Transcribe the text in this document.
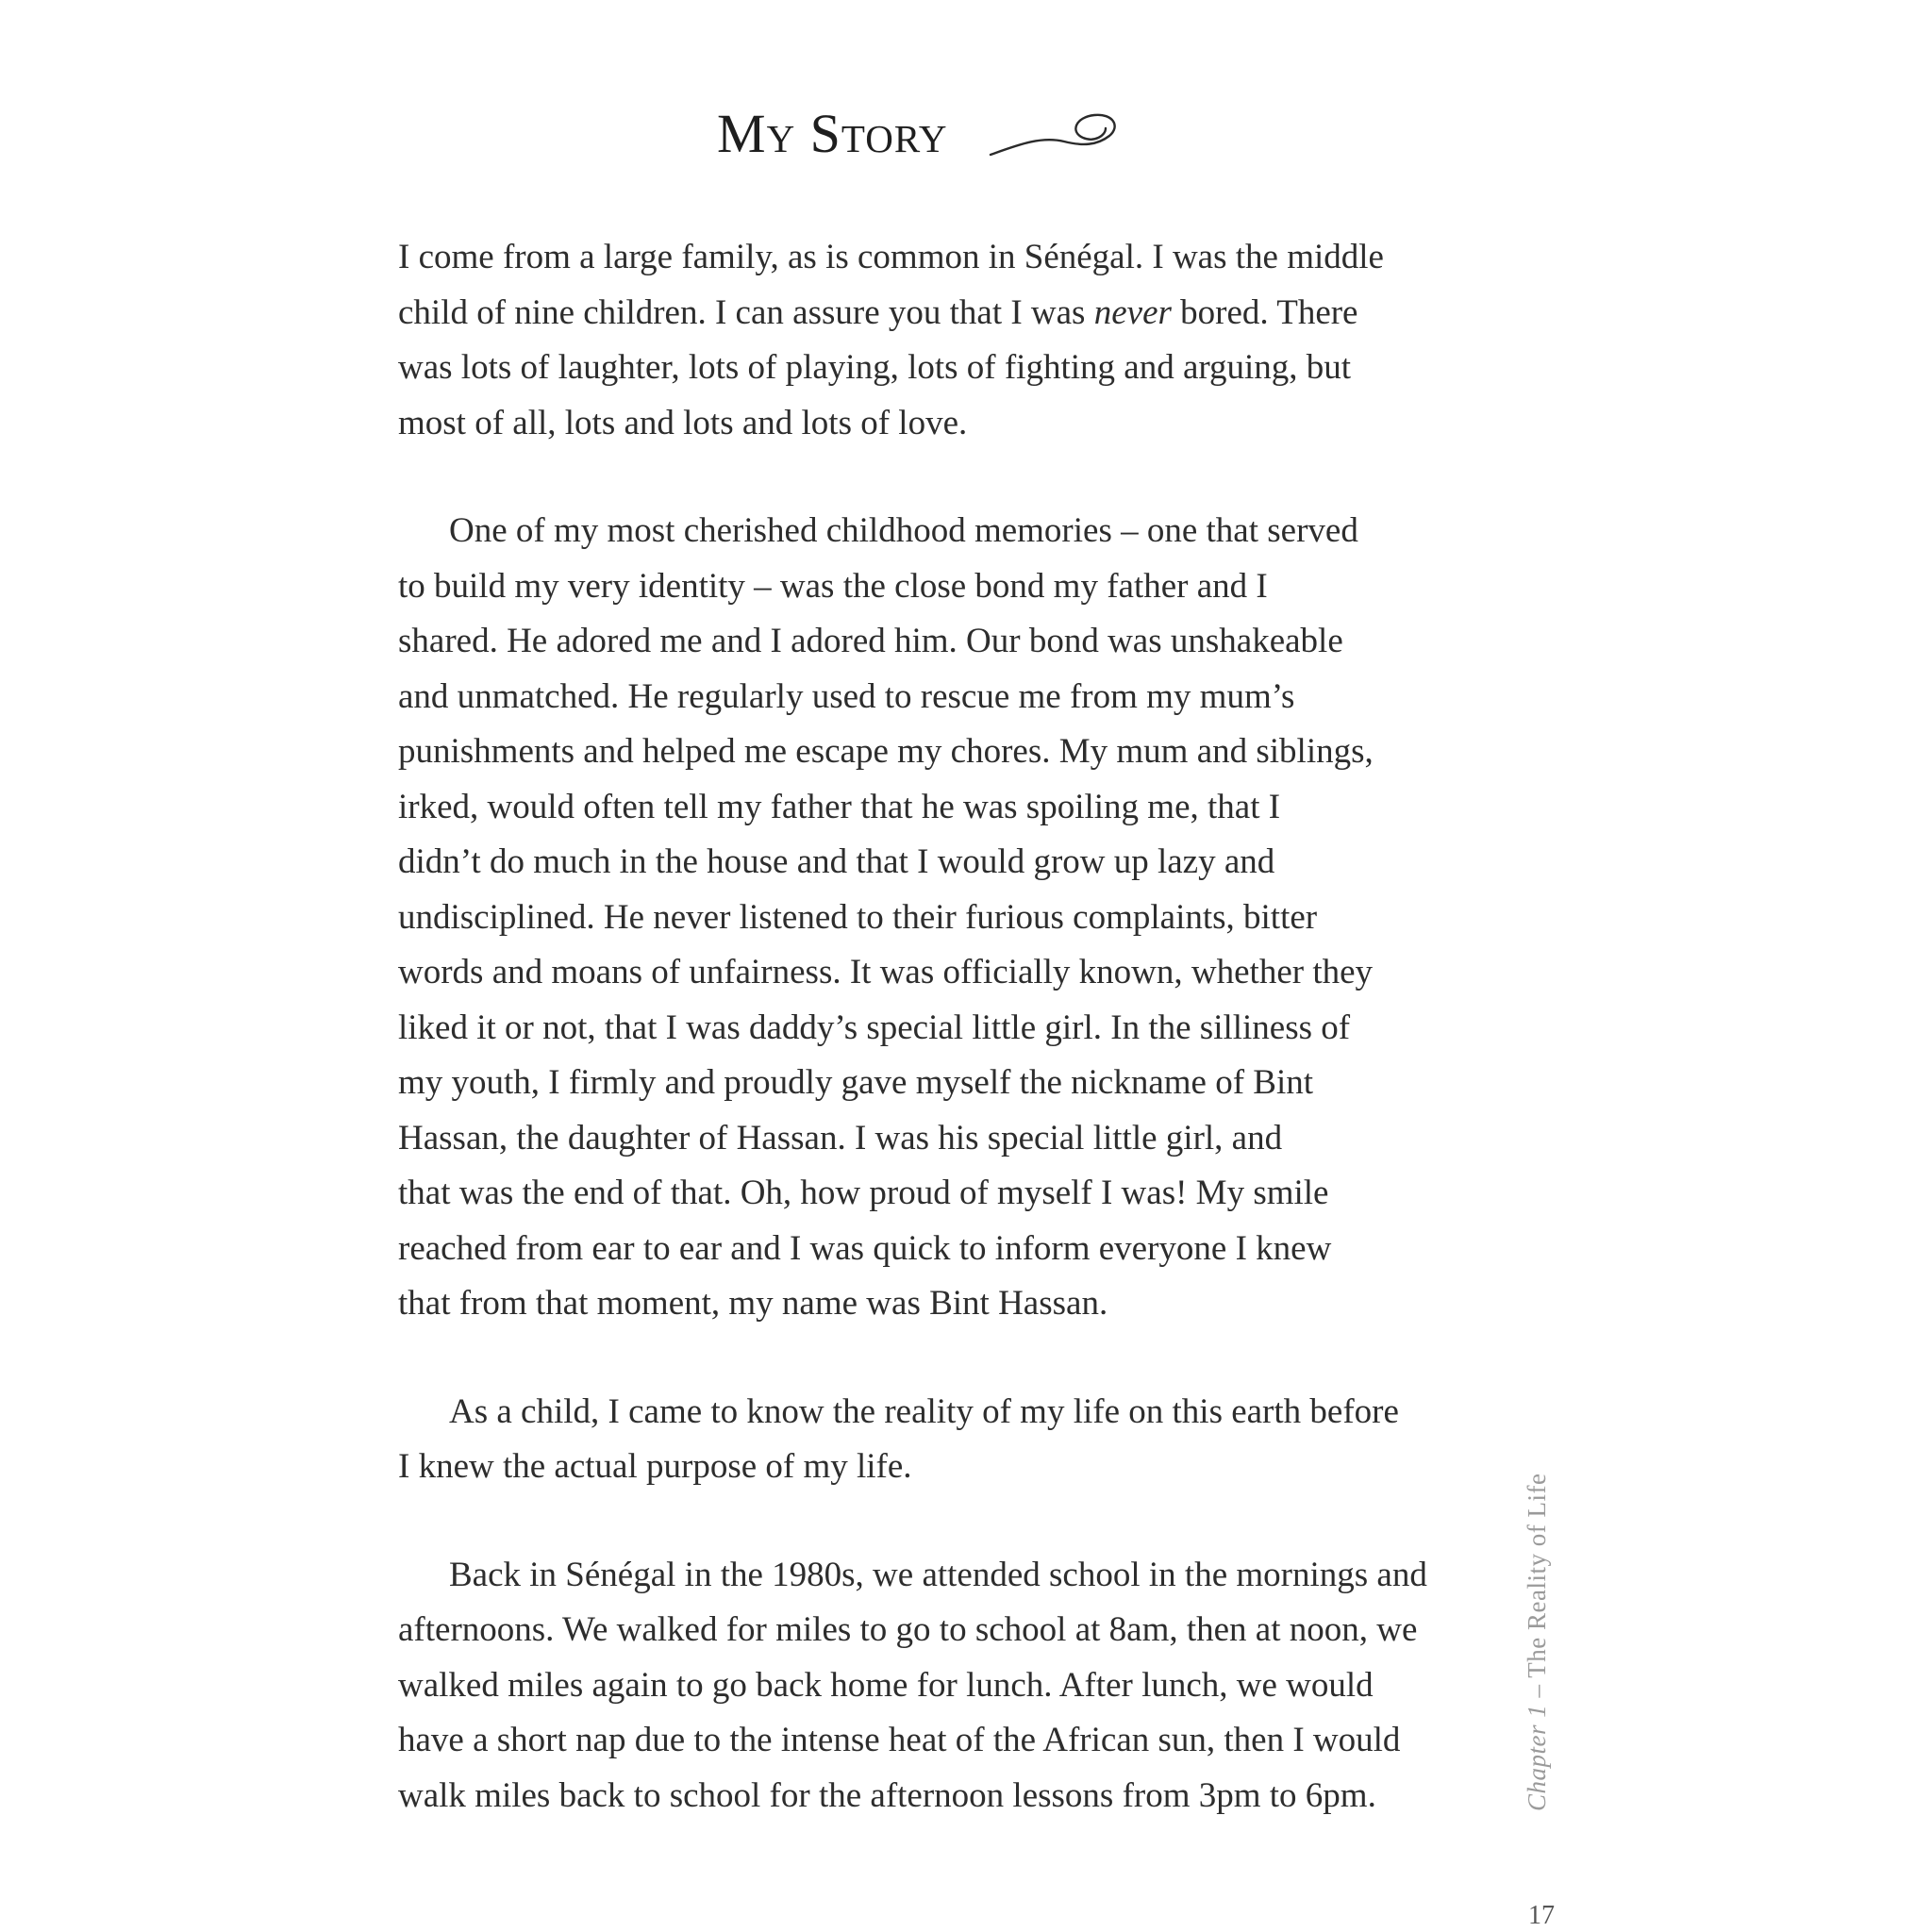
My Story
I come from a large family, as is common in Sénégal. I was the middle
child of nine children. I can assure you that I was never bored. There
was lots of laughter, lots of playing, lots of fighting and arguing, but
most of all, lots and lots and lots of love.
One of my most cherished childhood memories – one that served
to build my very identity – was the close bond my father and I
shared. He adored me and I adored him. Our bond was unshakeable
and unmatched. He regularly used to rescue me from my mum’s
punishments and helped me escape my chores. My mum and siblings,
irked, would often tell my father that he was spoiling me, that I
didn’t do much in the house and that I would grow up lazy and
undisciplined. He never listened to their furious complaints, bitter
words and moans of unfairness. It was officially known, whether they
liked it or not, that I was daddy’s special little girl. In the silliness of
my youth, I firmly and proudly gave myself the nickname of Bint
Hassan, the daughter of Hassan. I was his special little girl, and
that was the end of that. Oh, how proud of myself I was! My smile
reached from ear to ear and I was quick to inform everyone I knew
that from that moment, my name was Bint Hassan.
As a child, I came to know the reality of my life on this earth before
I knew the actual purpose of my life.
Back in Sénégal in the 1980s, we attended school in the mornings and
afternoons. We walked for miles to go to school at 8am, then at noon, we
walked miles again to go back home for lunch. After lunch, we would
have a short nap due to the intense heat of the African sun, then I would
walk miles back to school for the afternoon lessons from 3pm to 6pm.	Chapter 1 – The Reality of Life
17
